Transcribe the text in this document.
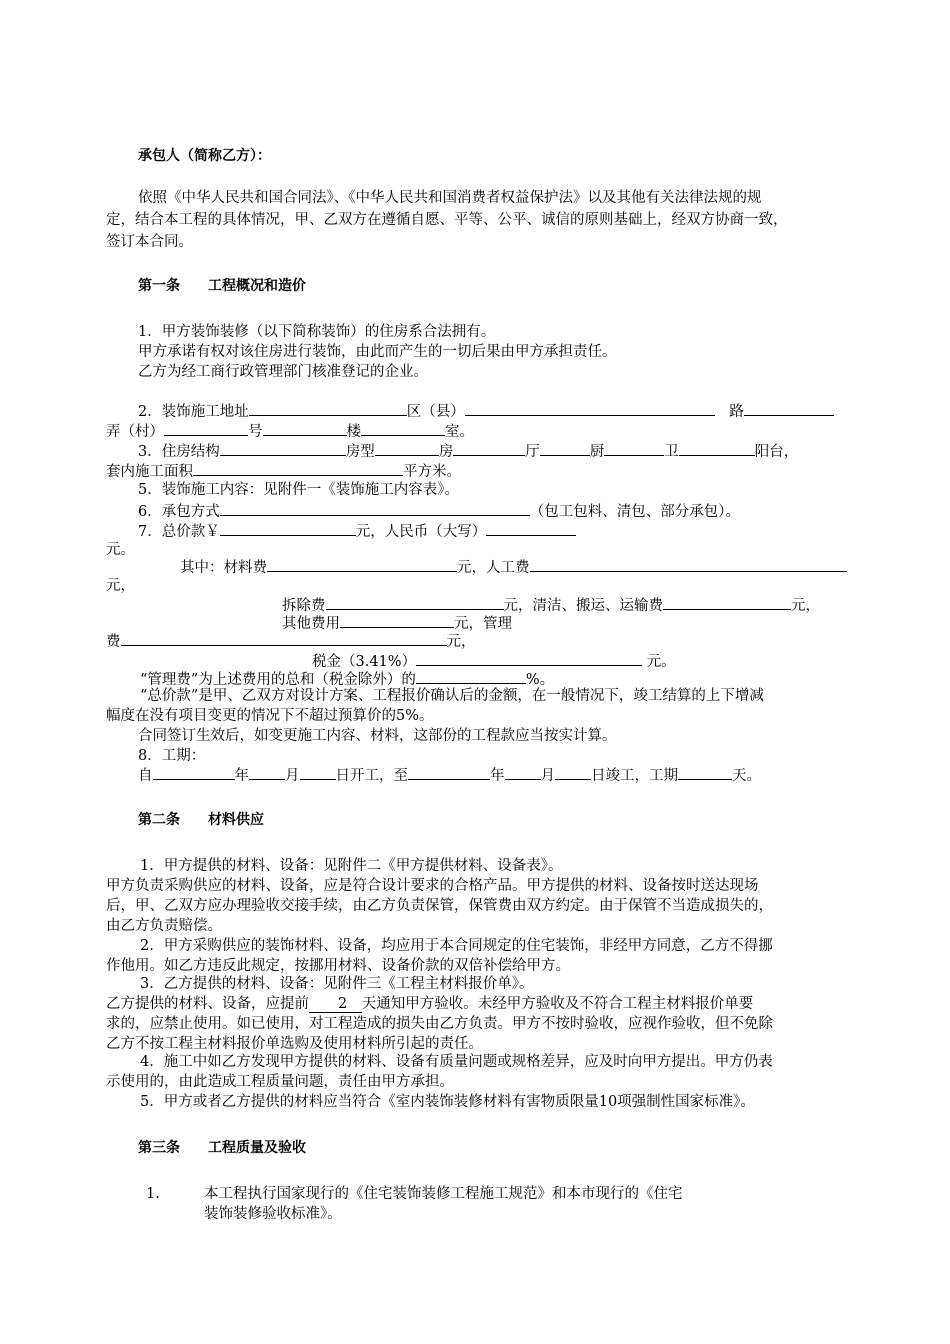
承包人（简称乙方）：
依照《中华人民共和国合同法》、《中华人民共和国消费者权益保护法》以及其他有关法律法规的规
定，结合本工程的具体情况，甲、乙双方在遵循自愿、平等、公平、诚信的原则基础上，经双方协商一致，
签订本合同。
第一条　　工程概况和造价
1．甲方装饰装修（以下简称装饰）的住房系合法拥有。
甲方承诺有权对该住房进行装饰，由此而产生的一切后果由甲方承担责任。
乙方为经工商行政管理部门核准登记的企业。
2．装饰施工地址	区（县）　	路
弄（村）	号	楼	室。
3．住房结构	房型	房	厅	厨	卫	阳台，
套内施工面积	平方米。
5．装饰施工内容：见附件一《装饰施工内容表》。
6．承包方式	（包工包料、清包、部分承包）。
7．总价款￥	元，人民币（大写）
元。
其中：材料费	元，人工费
元，
拆除费	元，清洁、搬运、运输费	元，
其他费用	元，管理
费	元，
税金（3.41%）	元。
“管理费”为上述费用的总和（税金除外）的	%。
“总价款”是甲、乙双方对设计方案、工程报价确认后的金额，在一般情况下，竣工结算的上下增减
幅度在没有项目变更的情况下不超过预算价的5%。
合同签订生效后，如变更施工内容、材料，这部份的工程款应当按实计算。
8．工期：
自	年 月 日开工，至	年 月 日竣工，工期	天。
第二条　　材料供应
1．甲方提供的材料、设备：见附件二《甲方提供材料、设备表》。
甲方负责采购供应的材料、设备，应是符合设计要求的合格产品。甲方提供的材料、设备按时送达现场
后，甲、乙双方应办理验收交接手续，由乙方负责保管，保管费由双方约定。由于保管不当造成损失的，
由乙方负责赔偿。
2．甲方采购供应的装饰材料、设备，均应用于本合同规定的住宅装饰，非经甲方同意，乙方不得挪
作他用。如乙方违反此规定，按挪用材料、设备价款的双倍补偿给甲方。
3．乙方提供的材料、设备：见附件三《工程主材料报价单》。
乙方提供的材料、设备，应提前　　 2　 天通知甲方验收。未经甲方验收及不符合工程主材料报价单要
求的，应禁止使用。如已使用，对工程造成的损失由乙方负责。甲方不按时验收，应视作验收，但不免除
乙方不按工程主材料报价单选购及使用材料所引起的责任。
4．施工中如乙方发现甲方提供的材料、设备有质量问题或规格差异，应及时向甲方提出。甲方仍表
示使用的，由此造成工程质量问题，责任由甲方承担。
5．甲方或者乙方提供的材料应当符合《室内装饰装修材料有害物质限量10项强制性国家标准》。
第三条　　工程质量及验收
1.	本工程执行国家现行的《住宅装饰装修工程施工规范》和本市现行的《住宅
装饰装修验收标准》。
